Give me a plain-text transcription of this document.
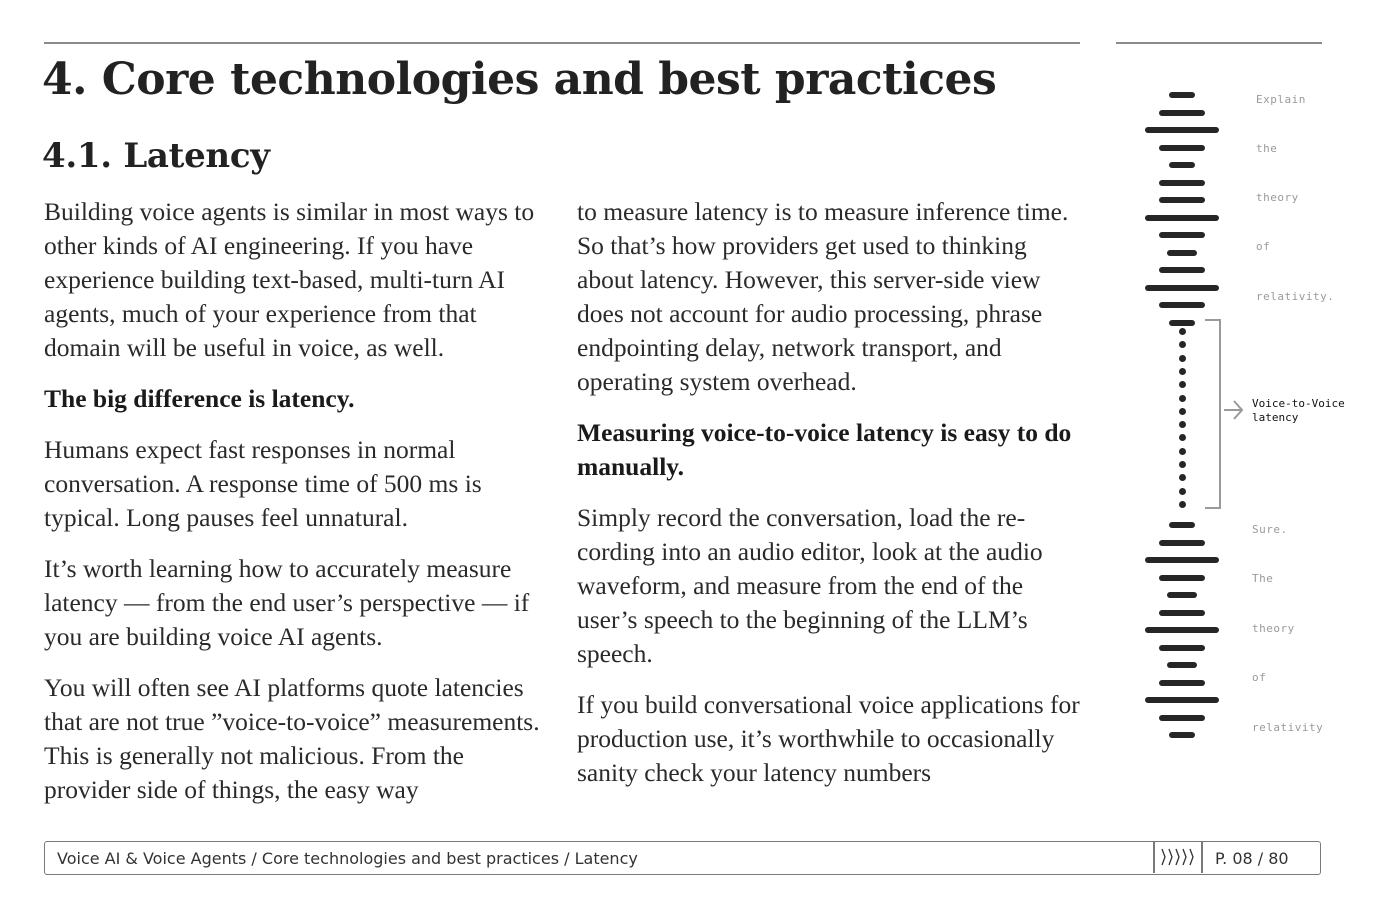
4. Core technologies and best practices
4.1. Latency

Building voice agents is similar in most ways to other kinds of AI engineering. If you have experience building text-based, multi-turn AI agents, much of your experience from that domain will be useful in voice, as well.

The big difference is latency.

Humans expect fast responses in normal conversation. A response time of 500 ms is typical. Long pauses feel unnatural.

It’s worth learning how to accurately measure latency — from the end user’s perspective — if you are building voice AI agents.

You will often see AI platforms quote latencies that are not true ”voice-to-voice” measurements. This is generally not malicious. From the provider side of things, the easy way

to measure latency is to measure inference time. So that’s how providers get used to thinking about latency. However, this server-side view does not account for audio processing, phrase endpointing delay, network transport, and operating system overhead.

Measuring voice-to-voice latency is easy to do manually.

Simply record the conversation, load the recording into an audio editor, look at the audio waveform, and measure from the end of the user’s speech to the beginning of the LLM’s speech.

If you build conversational voice applications for production use, it’s worthwhile to occasionally sanity check your latency numbers

Voice-to-Voice latency
Explain
the
theory
of
relativity.
Sure.
The
theory
of
relativity
Voice AI & Voice Agents / Core technologies and best practices / Latency	P. 08 / 80
